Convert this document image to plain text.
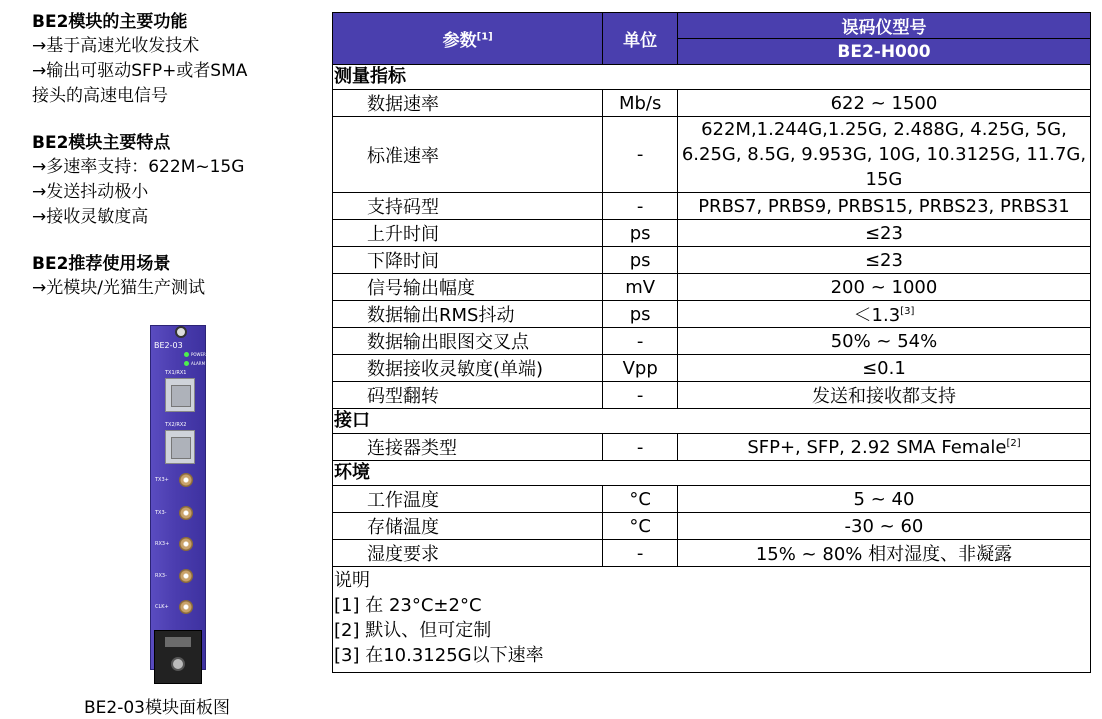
BE2模块的主要功能
→基于高速光收发技术
→输出可驱动SFP+或者SMA
接头的高速电信号
BE2模块主要特点
→多速率支持：622M~15G
→发送抖动极小
→接收灵敏度高
BE2推荐使用场景
→光模块/光猫生产测试
BE2-03
POWER
ALARM
TX1/RX1
TX2/RX2
TX3+
TX3-
RX3+
RX3-
CLK+
BE2-03模块面板图
参数[1]	单位	误码仪型号
		BE2-H000
测量指标		
数据速率	Mb/s	622 ~ 1500
标准速率	-	622M,1.244G,1.25G, 2.488G, 4.25G, 5G,
6.25G, 8.5G, 9.953G, 10G, 10.3125G, 11.7G,
15G
支持码型	-	PRBS7, PRBS9, PRBS15, PRBS23, PRBS31
上升时间	ps	≤23
下降时间	ps	≤23
信号输出幅度	mV	200 ~ 1000
数据输出RMS抖动	ps	＜1.3[3]
数据输出眼图交叉点	-	50% ~ 54%
数据接收灵敏度(单端)	Vpp	≤0.1
码型翻转	-	发送和接收都支持
接口		
连接器类型	-	SFP+, SFP, 2.92 SMA Female[2]
环境		
工作温度	°C	5 ~ 40
存储温度	°C	-30 ~ 60
湿度要求	-	15% ~ 80% 相对湿度、非凝露

说明
[1] 在 23°C±2°C
[2] 默认、但可定制
[3] 在10.3125G以下速率		
